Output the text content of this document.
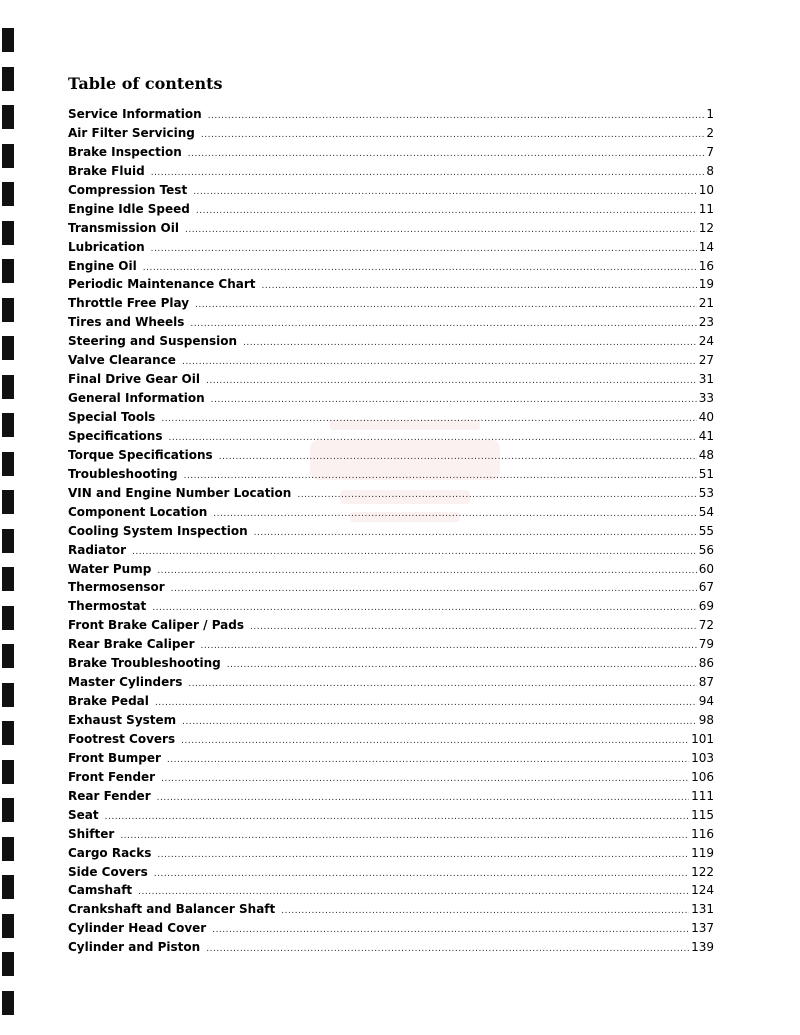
Table of contents
Service Information .....	1
Air Filter Servicing .....	2
Brake Inspection .....	7
Brake Fluid .....	8
Compression Test .....	10
Engine Idle Speed .....	11
Transmission Oil .....	12
Lubrication .....	14
Engine Oil .....	16
Periodic Maintenance Chart .....	19
Throttle Free Play .....	21
Tires and Wheels .....	23
Steering and Suspension .....	24
Valve Clearance .....	27
Final Drive Gear Oil .....	31
General Information .....	33
Special Tools .....	40
Specifications .....	41
Torque Specifications .....	48
Troubleshooting .....	51
VIN and Engine Number Location .....	53
Component Location .....	54
Cooling System Inspection .....	55
Radiator .....	56
Water Pump .....	60
Thermosensor .....	67
Thermostat .....	69
Front Brake Caliper / Pads .....	72
Rear Brake Caliper .....	79
Brake Troubleshooting .....	86
Master Cylinders .....	87
Brake Pedal .....	94
Exhaust System .....	98
Footrest Covers .....	101
Front Bumper .....	103
Front Fender .....	106
Rear Fender .....	111
Seat .....	115
Shifter .....	116
Cargo Racks .....	119
Side Covers .....	122
Camshaft .....	124
Crankshaft and Balancer Shaft .....	131
Cylinder Head Cover .....	137
Cylinder and Piston .....	139
